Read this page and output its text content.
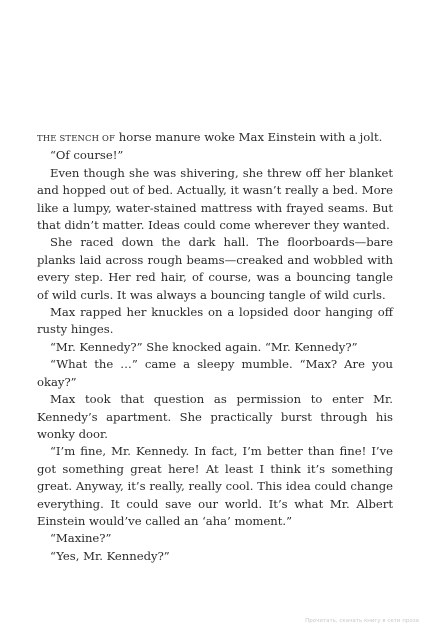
THE STENCH OF horse manure woke Max Einstein with a jolt.

“Of course!”

Even though she was shivering, she threw off her blanket and hopped out of bed. Actually, it wasn’t really a bed. More like a lumpy, water-stained mattress with frayed seams. But that didn’t matter. Ideas could come wherever they wanted.

She raced down the dark hall. The floorboards—bare planks laid across rough beams—creaked and wobbled with every step. Her red hair, of course, was a bouncing tangle of wild curls. It was always a bouncing tangle of wild curls.

Max rapped her knuckles on a lopsided door hanging off rusty hinges.

“Mr. Kennedy?” She knocked again. “Mr. Kennedy?”

“What the …” came a sleepy mumble. “Max? Are you okay?”

Max took that question as permission to enter Mr. Kennedy’s apartment. She practically burst through his wonky door.

“I’m fine, Mr. Kennedy. In fact, I’m better than fine! I’ve got something great here! At least I think it’s something great. Anyway, it’s really, really cool. This idea could change everything. It could save our world. It’s what Mr. Albert Einstein would’ve called an ‘aha’ moment.”

“Maxine?”

“Yes, Mr. Kennedy?”

Прочитать, скачать книгу в сети проза
